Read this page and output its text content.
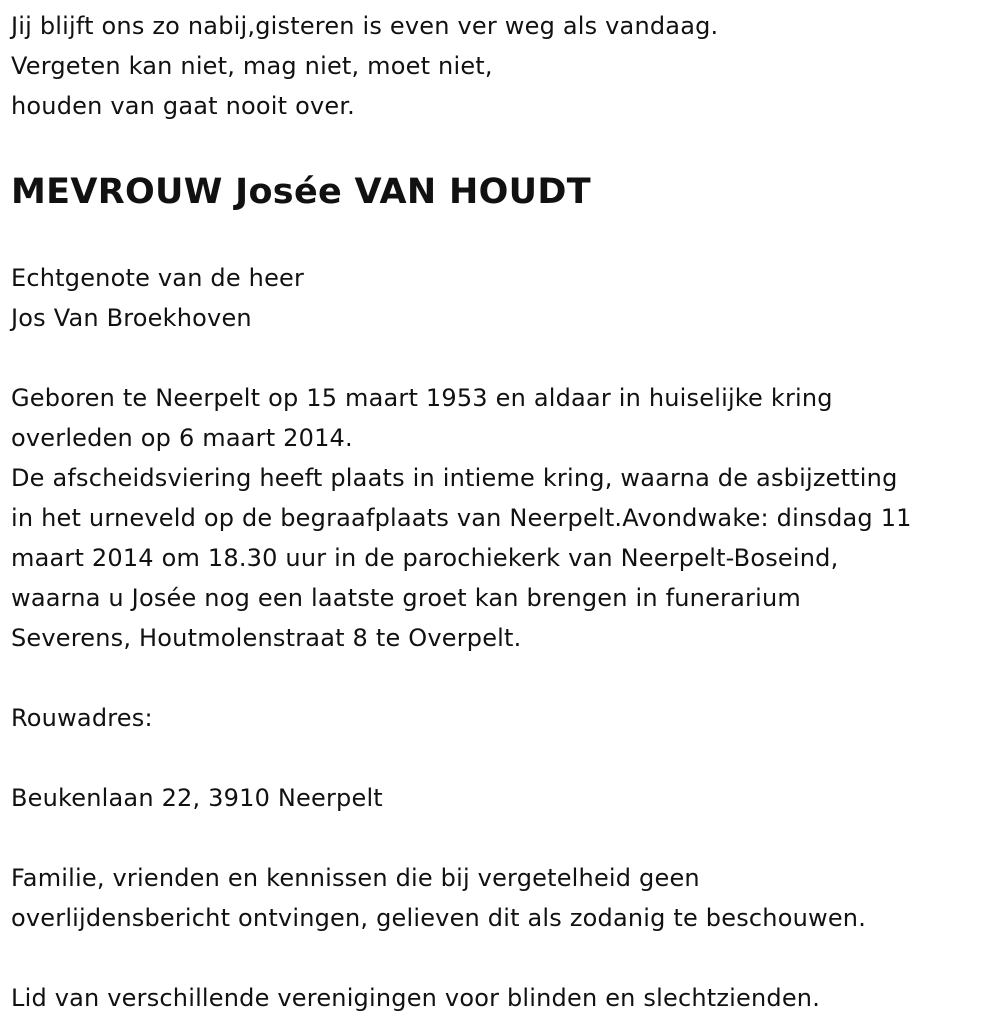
Jij blijft ons zo nabij,gisteren is even ver weg als vandaag.
Vergeten kan niet, mag niet, moet niet,
houden van gaat nooit over.
MEVROUW Josée VAN HOUDT
Echtgenote van de heer
Jos Van Broekhoven
Geboren te Neerpelt op 15 maart 1953 en aldaar in huiselijke kring
overleden op 6 maart 2014.
De afscheidsviering heeft plaats in intieme kring, waarna de asbijzetting
in het urneveld op de begraafplaats van Neerpelt.Avondwake: dinsdag 11
maart 2014 om 18.30 uur in de parochiekerk van Neerpelt-Boseind,
waarna u Josée nog een laatste groet kan brengen in funerarium
Severens, Houtmolenstraat 8 te Overpelt.
Rouwadres:
Beukenlaan 22, 3910 Neerpelt
Familie, vrienden en kennissen die bij vergetelheid geen
overlijdensbericht ontvingen, gelieven dit als zodanig te beschouwen.
Lid van verschillende verenigingen voor blinden en slechtzienden.
